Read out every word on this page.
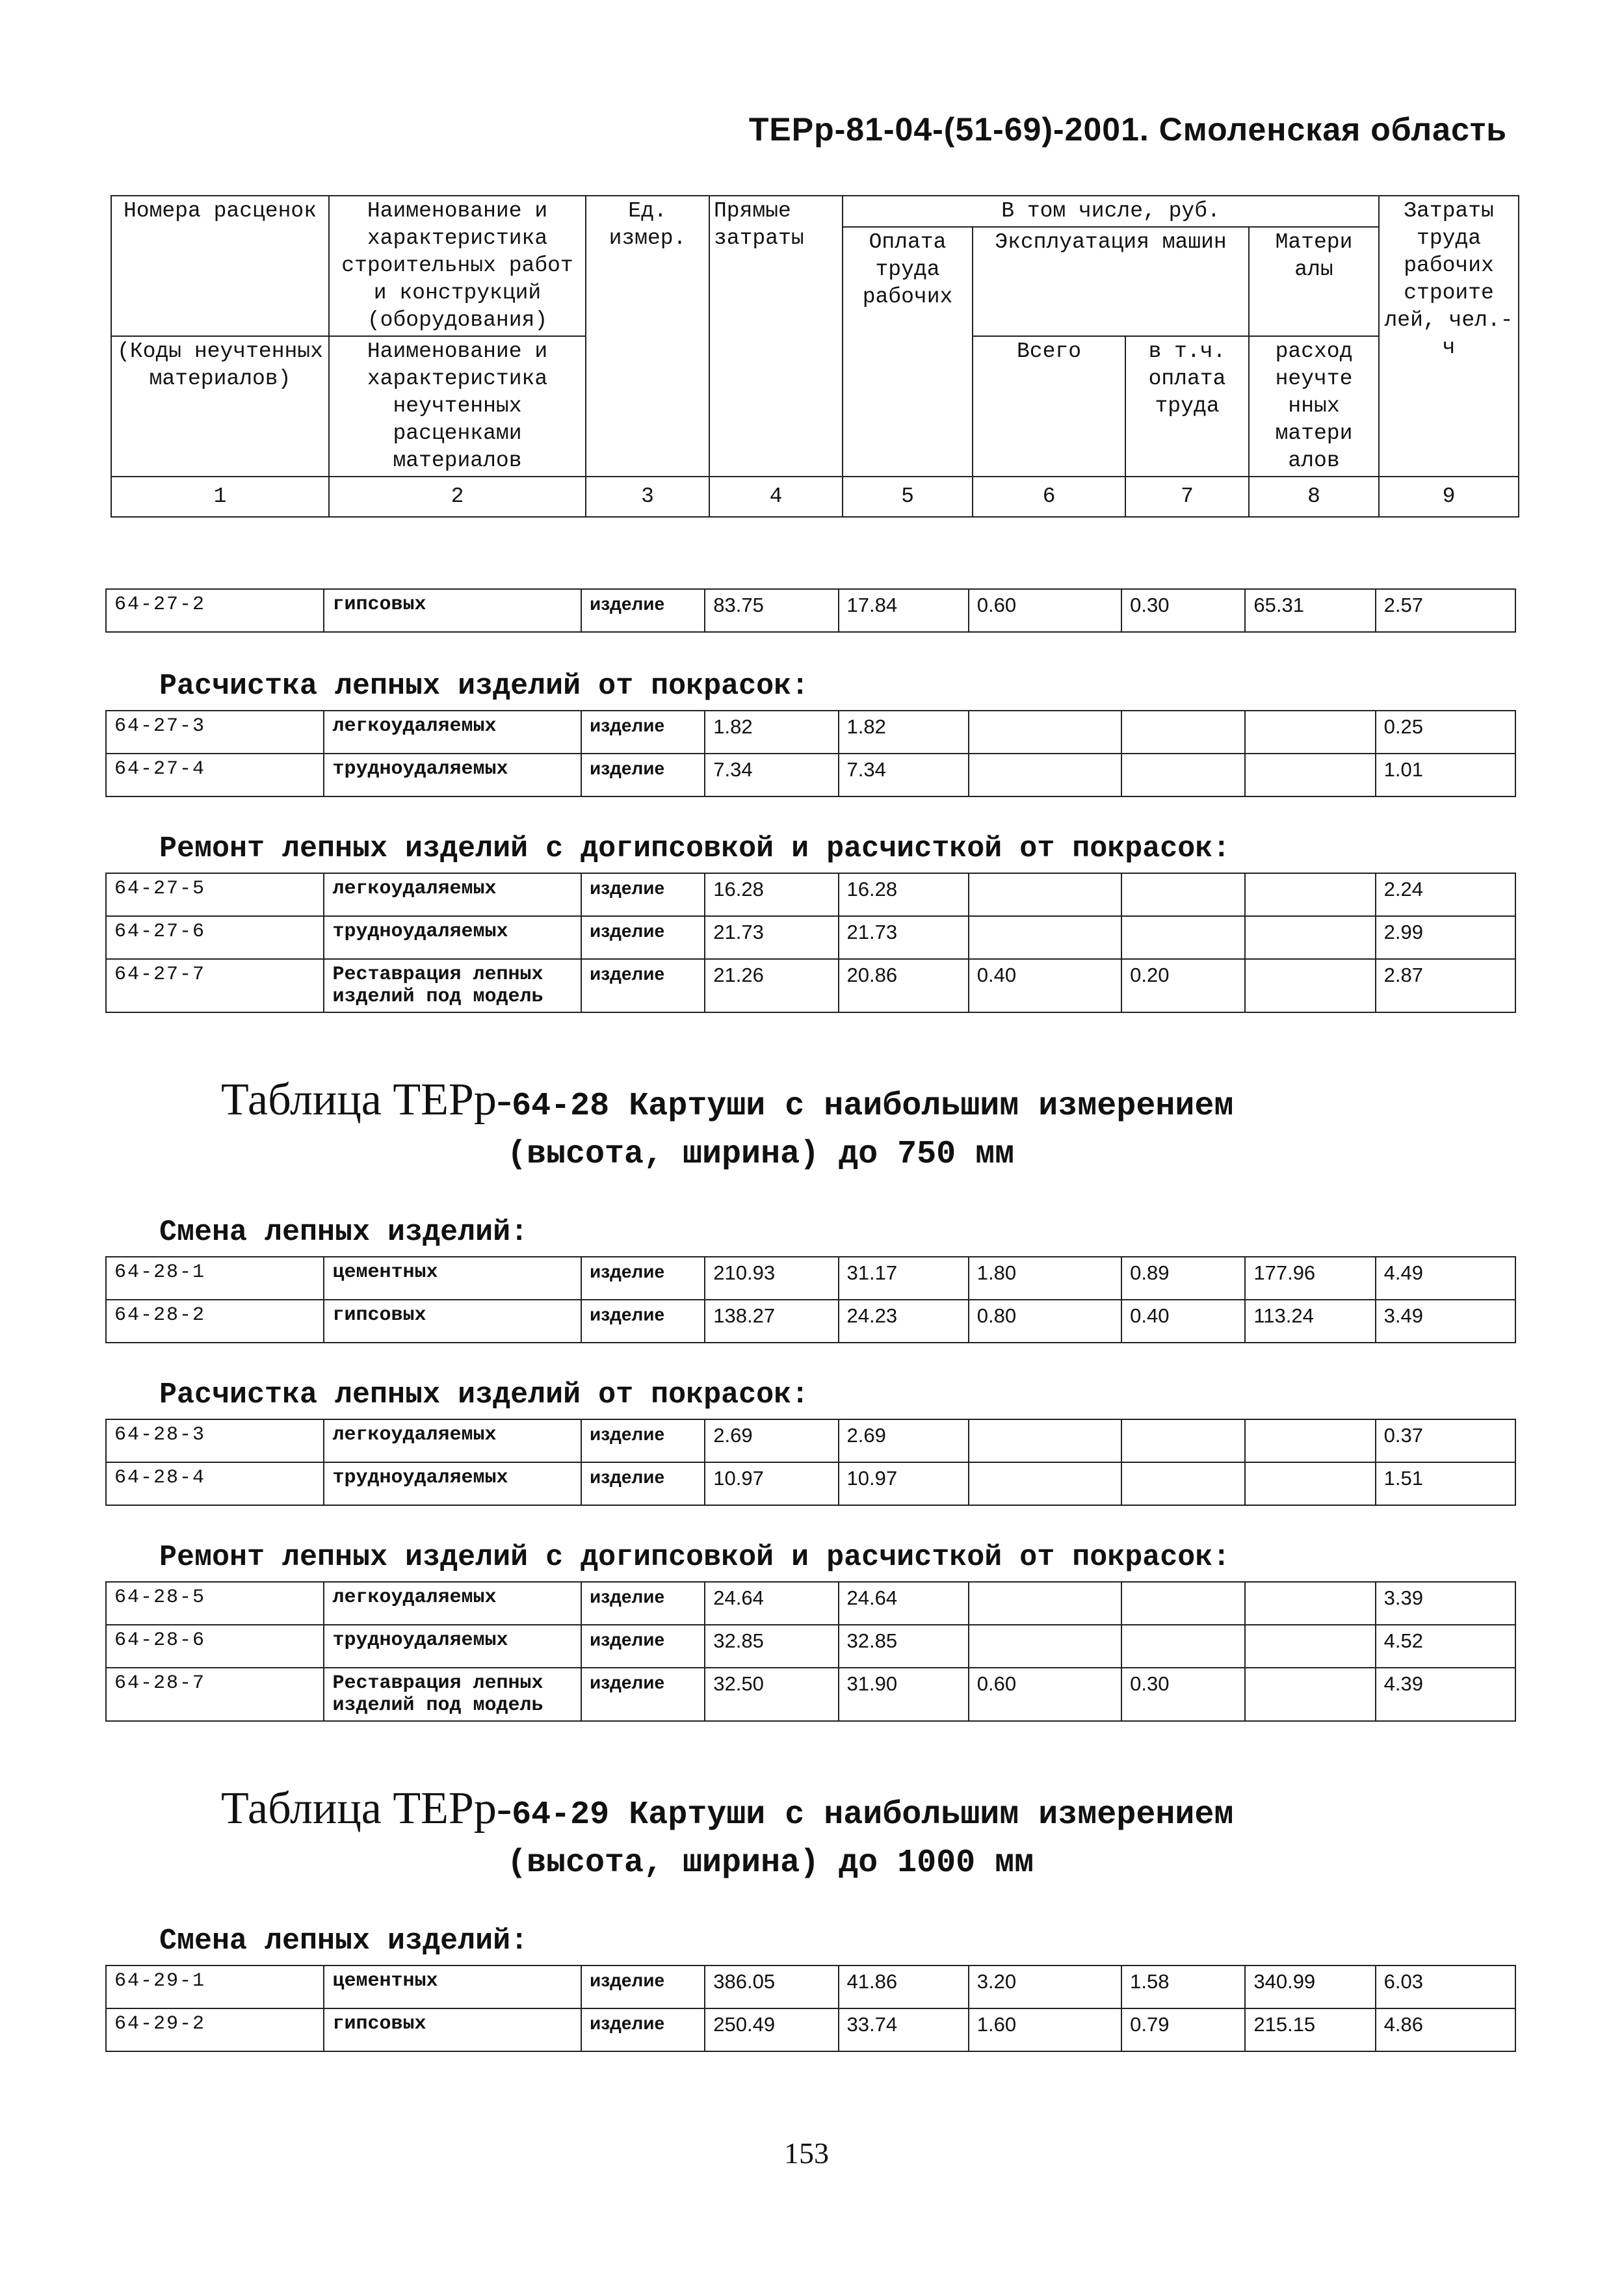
ТЕРр-81-04-(51-69)-2001. Смоленская область
Номера расценок	Наименование и характеристика строительных работ и конструкций (оборудования)	Ед. измер.	Прямые затраты	В том числе, руб.				Затраты труда рабочих строите лей, чел.-ч
				Оплата труда рабочих	Эксплуатация машин		Матери алы	
(Коды неучтенных материалов)	Наименование и характеристика неучтенных расценками материалов				Всего	в т.ч. оплата труда	расход неучте нных матери алов	
1	2	3	4	5	6	7	8	9
64-27-2	гипсовых	изделие	83.75	17.84	0.60	0.30	65.31	2.57
Расчистка лепных изделий от покрасок:
64-27-3	легкоудаляемых	изделие	1.82	1.82				0.25
64-27-4	трудноудаляемых	изделие	7.34	7.34				1.01
Ремонт лепных изделий с догипсовкой и расчисткой от покрасок:
64-27-5	легкоудаляемых	изделие	16.28	16.28				2.24
64-27-6	трудноудаляемых	изделие	21.73	21.73				2.99
64-27-7	Реставрация лепных изделий под модель	изделие	21.26	20.86	0.40	0.20		2.87
Таблица ТЕРр-64-28 Картуши с наибольшим измерением
(высота, ширина) до 750 мм
Смена лепных изделий:
64-28-1	цементных	изделие	210.93	31.17	1.80	0.89	177.96	4.49
64-28-2	гипсовых	изделие	138.27	24.23	0.80	0.40	113.24	3.49
Расчистка лепных изделий от покрасок:
64-28-3	легкоудаляемых	изделие	2.69	2.69				0.37
64-28-4	трудноудаляемых	изделие	10.97	10.97				1.51
Ремонт лепных изделий с догипсовкой и расчисткой от покрасок:
64-28-5	легкоудаляемых	изделие	24.64	24.64				3.39
64-28-6	трудноудаляемых	изделие	32.85	32.85				4.52
64-28-7	Реставрация лепных изделий под модель	изделие	32.50	31.90	0.60	0.30		4.39
Таблица ТЕРр-64-29 Картуши с наибольшим измерением
(высота, ширина) до 1000 мм
Смена лепных изделий:
64-29-1	цементных	изделие	386.05	41.86	3.20	1.58	340.99	6.03
64-29-2	гипсовых	изделие	250.49	33.74	1.60	0.79	215.15	4.86
153
